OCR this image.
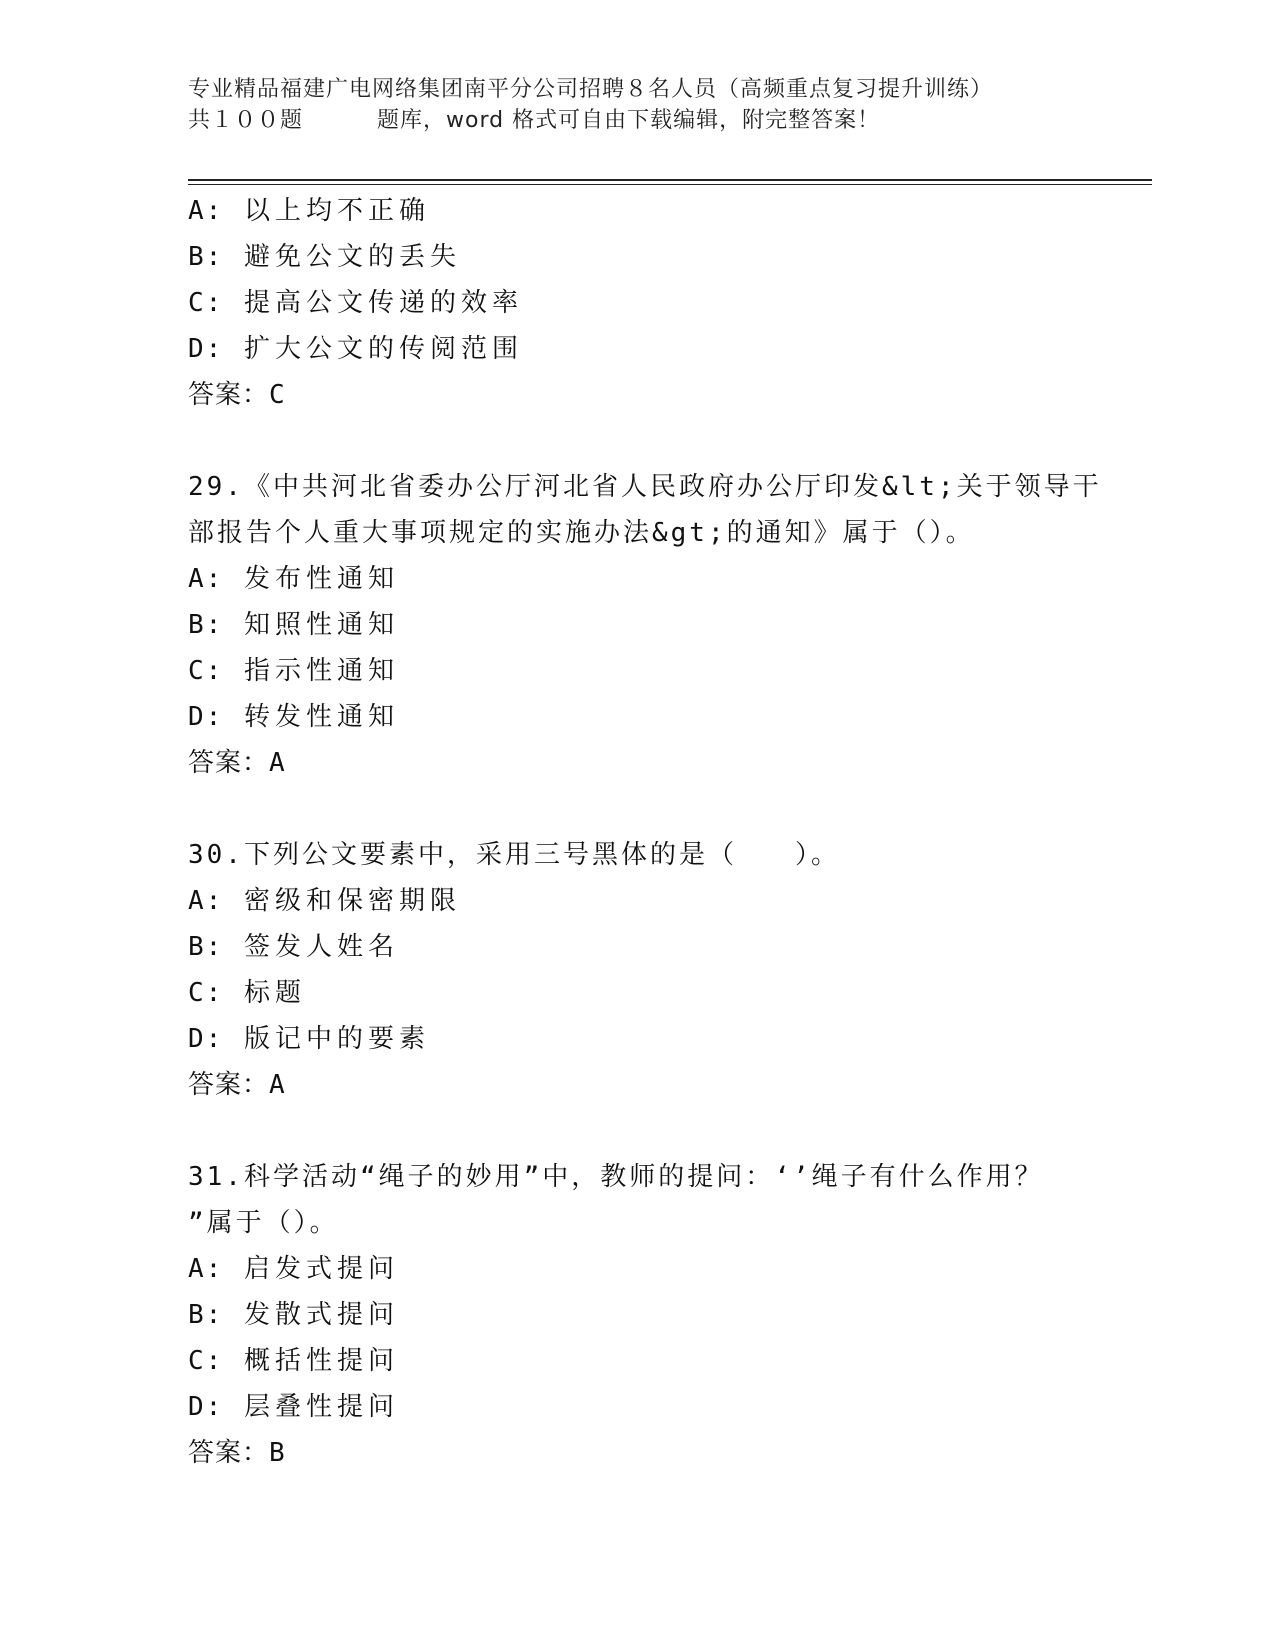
专业精品福建广电网络集团南平分公司招聘８名人员（高频重点复习提升训练）
共１００题	题库，word 格式可自由下载编辑，附完整答案！
A: 以上均不正确
B: 避免公文的丢失
C: 提高公文传递的效率
D: 扩大公文的传阅范围
答案：C
29.《中共河北省委办公厅河北省人民政府办公厅印发&lt;关于领导干
部报告个人重大事项规定的实施办法&gt;的通知》属于（）。
A: 发布性通知
B: 知照性通知
C: 指示性通知
D: 转发性通知
答案：A
30.下列公文要素中，采用三号黑体的是（　　）。
A: 密级和保密期限
B: 签发人姓名
C: 标题
D: 版记中的要素
答案：A
31.科学活动“绳子的妙用”中，教师的提问：‘’绳子有什么作用？
”属于（）。
A: 启发式提问
B: 发散式提问
C: 概括性提问
D: 层叠性提问
答案：B
